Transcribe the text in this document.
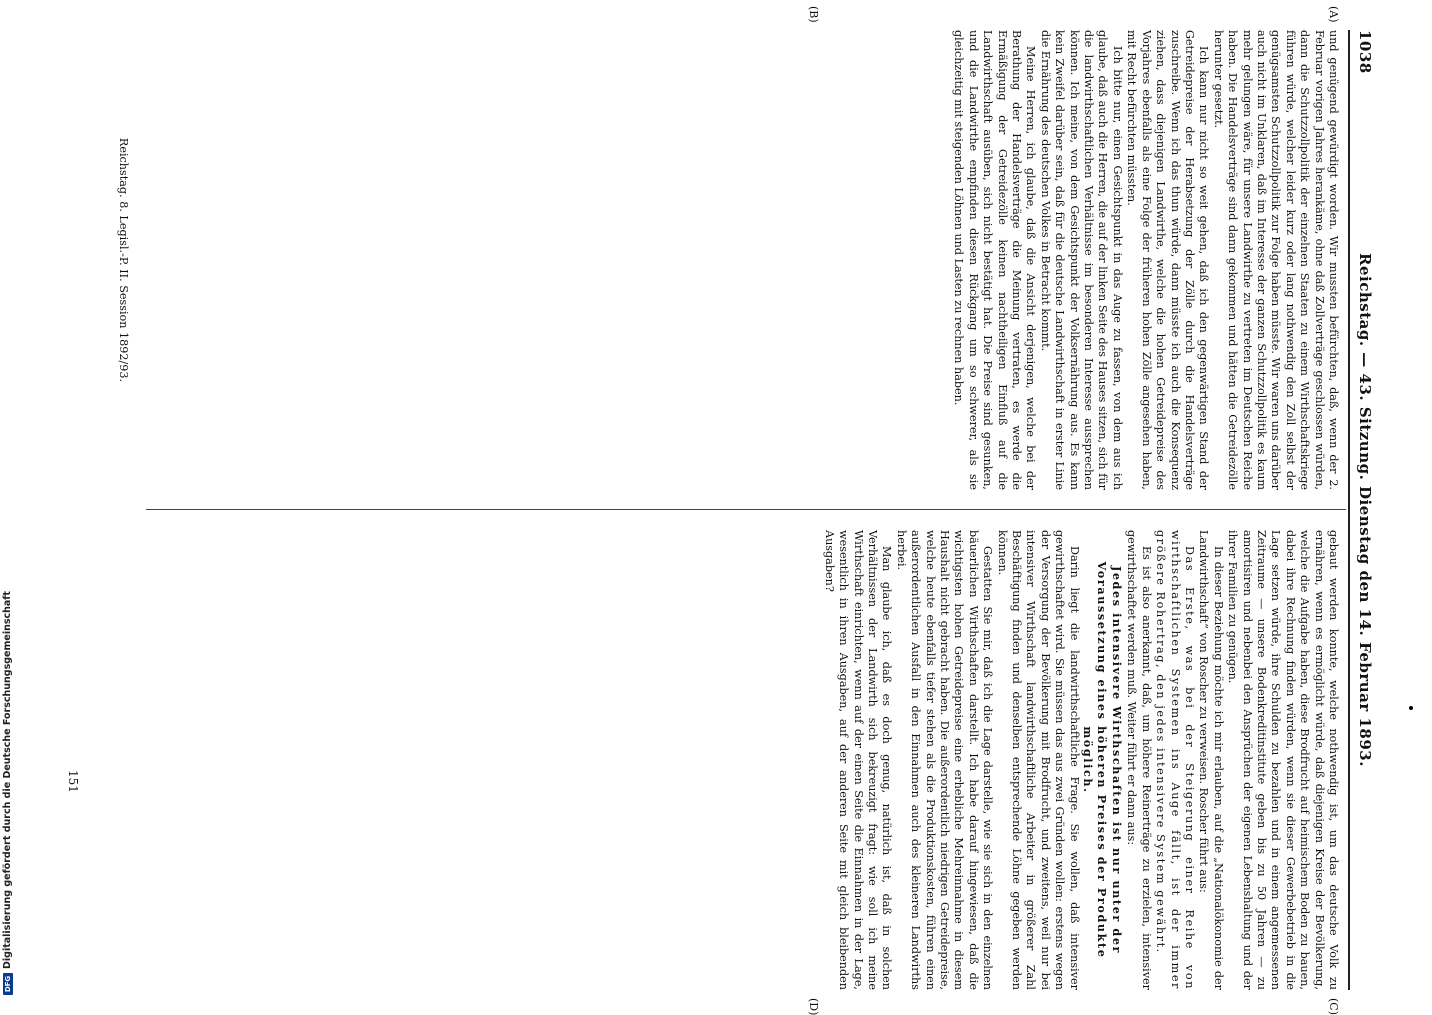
DFG
Digitalisierung gefördert durch die Deutsche Forschungsgemeinschaft
1038
Reichstag. — 43. Sitzung. Dienstag den 14. Februar 1893.
(A)
(B)
(C)
(D)

und genügend gewürdigt worden. Wir mussten befürchten, daß, wenn der 2. Februar vorigen Jahres herankäme, ohne daß Zollverträge geschlossen würden, dann die Schutzzollpolitik der einzelnen Staaten zu einem Wirthschaftskriege führen würde, welcher leider kurz oder lang nothwendig den Zoll selbst der genügsamsten Schutzzollpolitik zur Folge haben müsste. Wir waren uns darüber auch nicht im Unklaren, daß im Interesse der ganzen Schutzzollpolitik es kaum mehr gelungen wäre, für unsere Landwirthe zu vertreten im Deutschen Reiche haben. Die Handelsverträge sind dann gekommen und hätten die Getreidezölle herunter gesetzt.

Ich kann nur nicht so weit gehen, daß ich den gegenwärtigen Stand der Getreidepreise der Herabsetzung der Zölle durch die Handelsverträge zuschreibe. Wenn ich das thun würde, dann müsste ich auch die Konsequenz ziehen, dass diejenigen Landwirthe, welche die hohen Getreidepreise des Vorjahres ebenfalls als eine Folge der früheren hohen Zölle angesehen haben, mit Recht befürchten müssten.

Ich bitte nur, einen Gesichtspunkt in das Auge zu fassen, von dem aus ich glaube, daß auch die Herren, die auf der linken Seite des Hauses sitzen, sich für die landwirthschaftlichen Verhältnisse im besonderen Interesse aussprechen können. Ich meine, von dem Gesichtspunkt der Volksernährung aus. Es kann kein Zweifel darüber sein, daß für die deutsche Landwirthschaft in erster Linie die Ernährung des deutschen Volkes in Betracht kommt.

Meine Herren, ich glaube, daß die Ansicht derjenigen, welche bei der Berathung der Handelsverträge die Meinung vertraten, es werde die Ermäßigung der Getreidezölle keinen nachtheiligen Einfluß auf die Landwirthschaft ausüben, sich nicht bestätigt hat. Die Preise sind gesunken, und die Landwirthe empfinden diesen Rückgang um so schwerer, als sie gleichzeitig mit steigenden Löhnen und Lasten zu rechnen haben.

gebaut werden konnte, welche nothwendig ist, um das deutsche Volk zu ernähren, wenn es ermöglicht würde, daß diejenigen Kreise der Bevölkerung, welche die Aufgabe haben, diese Brodfrucht auf heimischem Boden zu bauen, dabei ihre Rechnung finden würden, wenn sie dieser Gewerbebetrieb in die Lage setzen würde, ihre Schulden zu bezahlen und in einem angemessenen Zeitraume — unsere Bodenkreditinstitute geben bis zu 50 Jahren — zu amortisiren und nebenbei den Ansprüchen der eigenen Lebenshaltung und der ihrer Familien zu genügen.

In dieser Beziehung möchte ich mir erlauben, auf die „Nationalökonomie der Landwirthschaft“ von Roscher zu verweisen. Roscher führt aus:

Das Erste, was bei der Steigerung einer Reihe von wirthschaftlichen Systemen ins Auge fällt, ist der immer größere Rohertrag, den jedes intensivere System gewährt.

Es ist also anerkannt, daß, um höhere Reinerträge zu erzielen, intensiver gewirthschaftet werden muß. Weiter führt er dann aus:

Jedes intensivere Wirthschaften ist nur unter der Voraussetzung eines höheren Preises der Produkte möglich.

Darin liegt die landwirthschaftliche Frage. Sie wollen, daß intensiver gewirthschaftet wird. Sie müssen das aus zwei Gründen wollen: erstens wegen der Versorgung der Bevölkerung mit Brodfrucht, und zweitens, weil nur bei intensiver Wirthschaft landwirthschaftliche Arbeiter in größerer Zahl Beschäftigung finden und denselben entsprechende Löhne gegeben werden können.

Gestatten Sie mir, daß ich die Lage darstelle, wie sie sich in den einzelnen bäuerlichen Wirthschaften darstellt. Ich habe darauf hingewiesen, daß die wichtigsten hohen Getreidepreise eine erhebliche Mehreinnahme in diesem Haushalt nicht gebracht haben. Die außerordentlich niedrigen Getreidepreise, welche heute ebenfalls tiefer stehen als die Produktionskosten, führen einen außerordentlichen Ausfall in den Einnahmen auch des kleineren Landwirths herbei.

Man glaube ich, daß es doch genug, natürlich ist, daß in solchen Verhältnissen der Landwirth sich bekreuzigt fragt: wie soll ich meine Wirthschaft einrichten, wenn auf der einen Seite die Einnahmen in der Lage, wesentlich in ihren Ausgaben, auf der anderen Seite mit gleich bleibenden Ausgaben?

Reichstag. 8. Legisl.-P. II. Session 1892/93.
151
